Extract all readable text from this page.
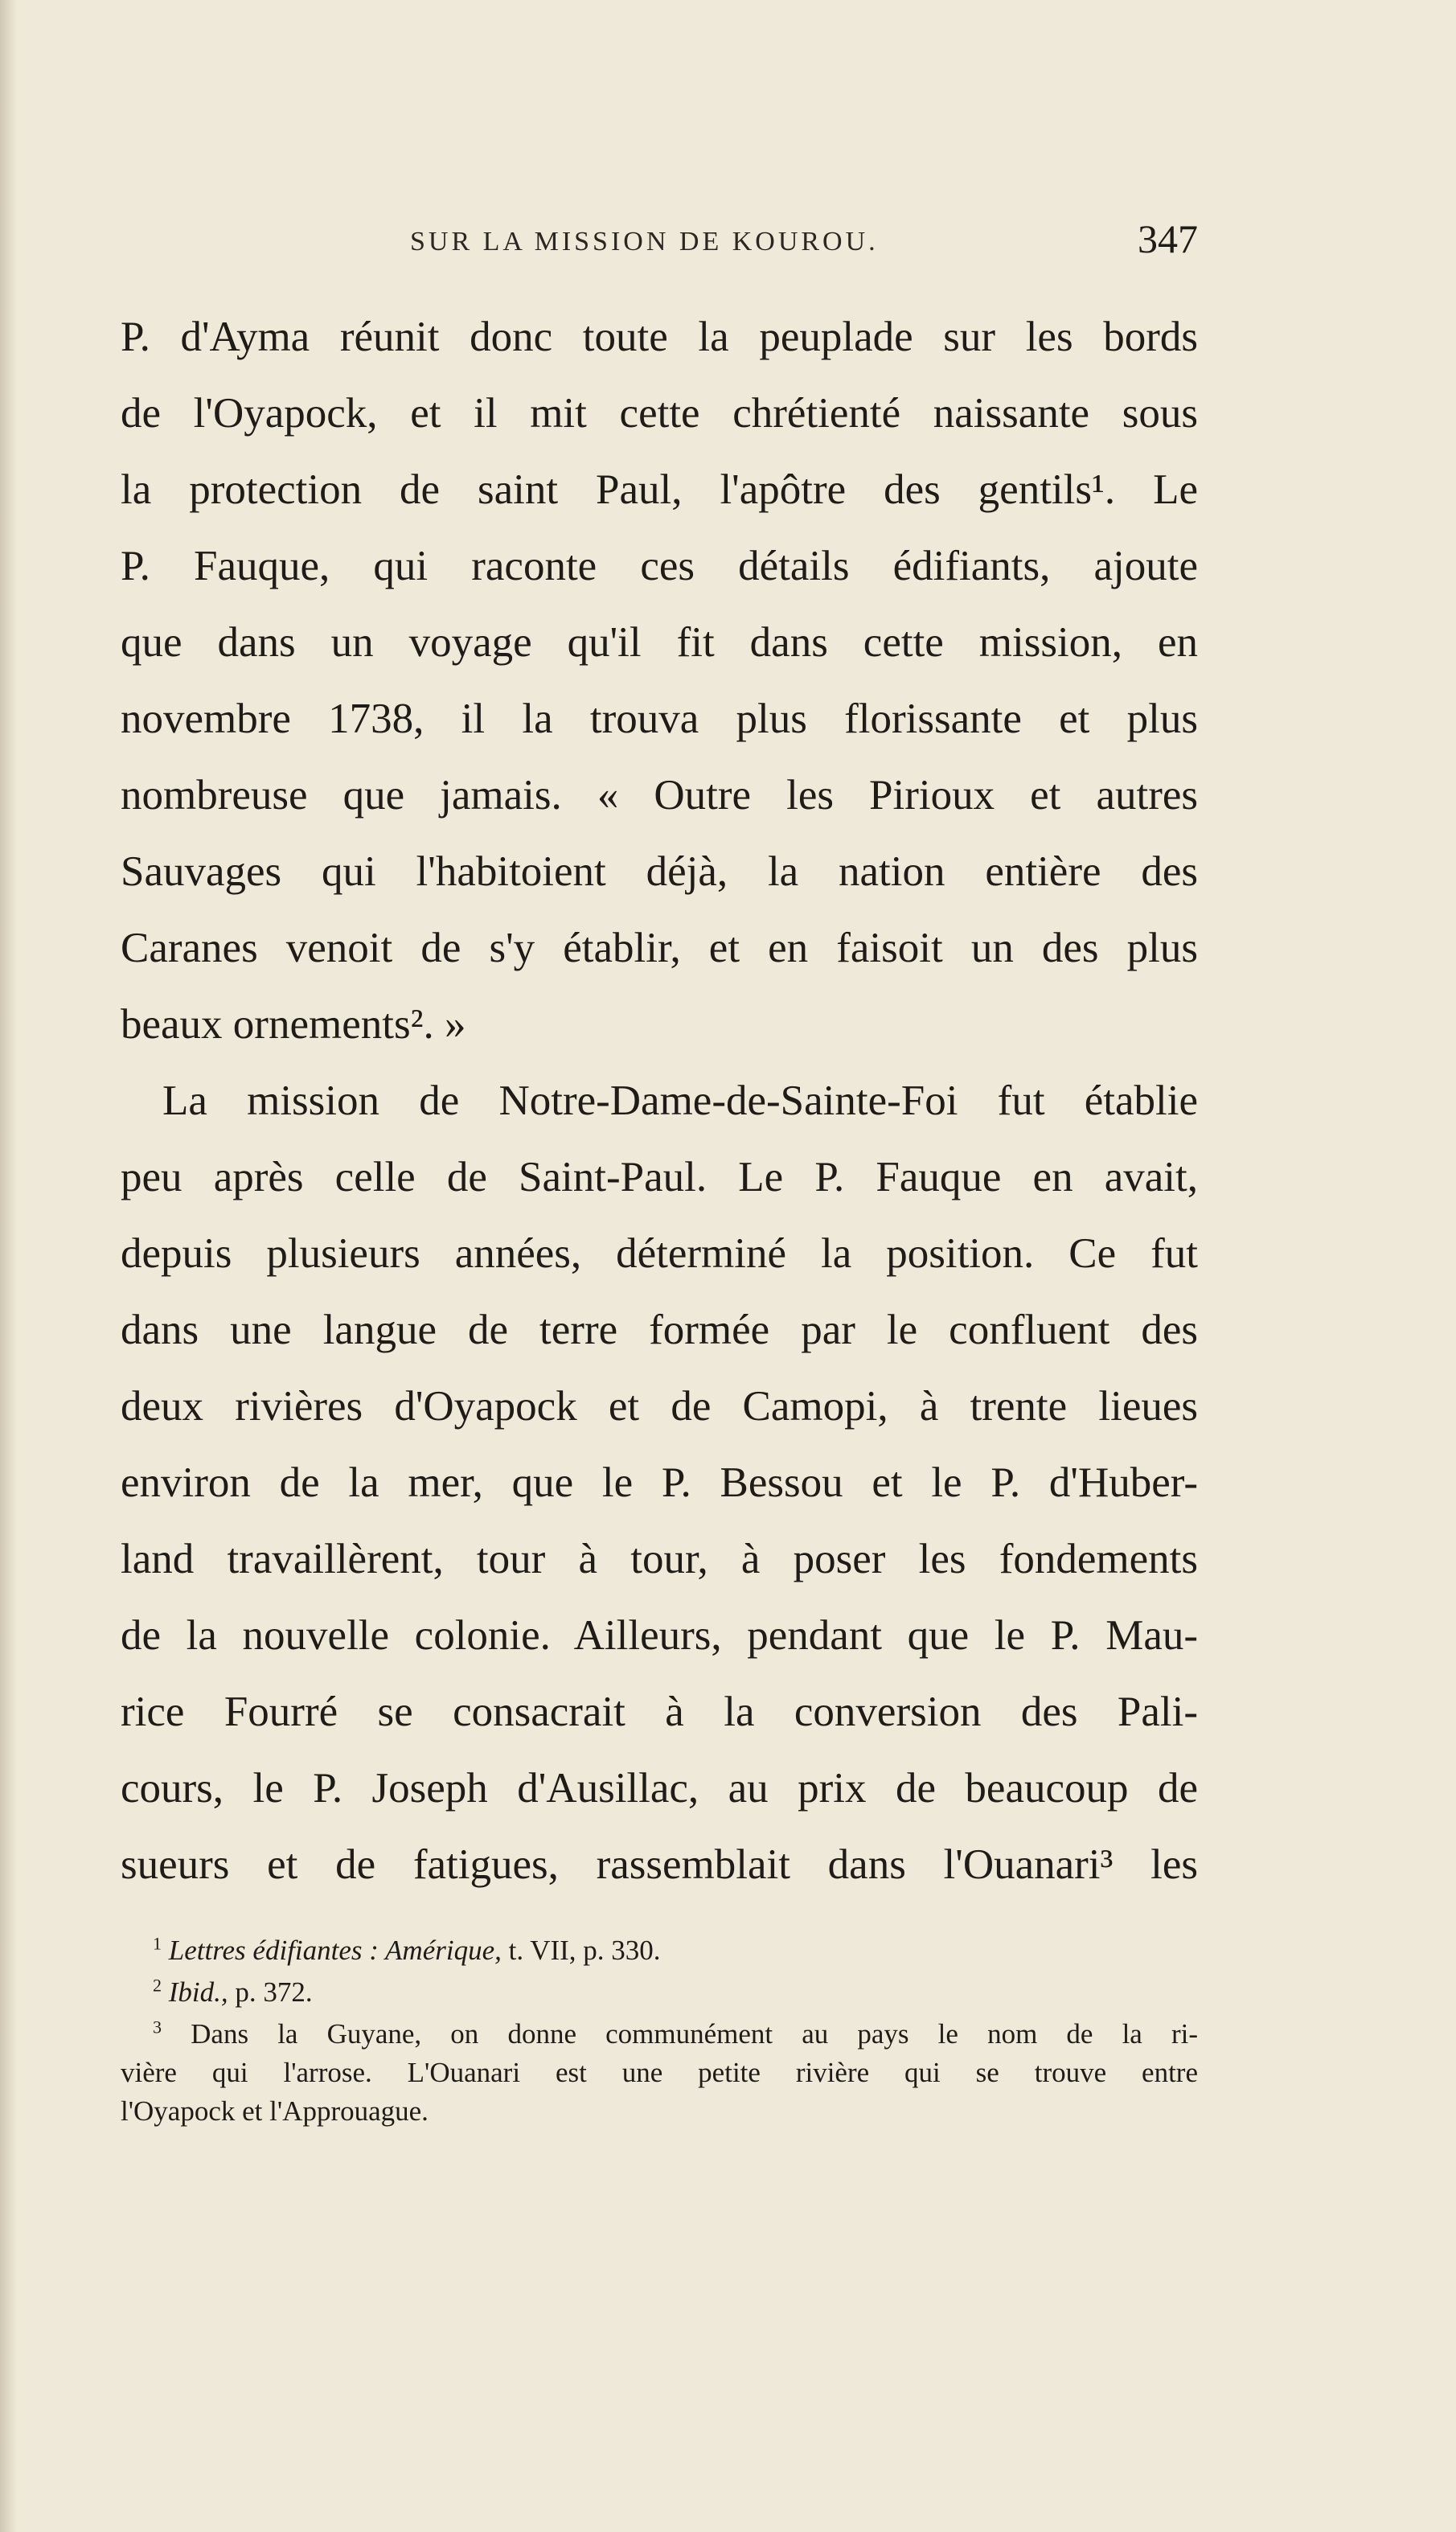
SUR LA MISSION DE KOUROU.	347

P. d'Ayma réunit donc toute la peuplade sur les bords
de l'Oyapock, et il mit cette chrétienté naissante sous
la protection de saint Paul, l'apôtre des gentils¹. Le
P. Fauque, qui raconte ces détails édifiants, ajoute
que dans un voyage qu'il fit dans cette mission, en
novembre 1738, il la trouva plus florissante et plus
nombreuse que jamais. « Outre les Pirioux et autres
Sauvages qui l'habitoient déjà, la nation entière des
Caranes venoit de s'y établir, et en faisoit un des plus
beaux ornements². »

La mission de Notre-Dame-de-Sainte-Foi fut établie
peu après celle de Saint-Paul. Le P. Fauque en avait,
depuis plusieurs années, déterminé la position. Ce fut
dans une langue de terre formée par le confluent des
deux rivières d'Oyapock et de Camopi, à trente lieues
environ de la mer, que le P. Bessou et le P. d'Huber-
land travaillèrent, tour à tour, à poser les fondements
de la nouvelle colonie. Ailleurs, pendant que le P. Mau-
rice Fourré se consacrait à la conversion des Pali-
cours, le P. Joseph d'Ausillac, au prix de beaucoup de
sueurs et de fatigues, rassemblait dans l'Ouanari³ les

$^1$ Lettres édifiantes : Amérique, t. VII, p. 330.

$^2$ Ibid., p. 372.

$^3$ Dans la Guyane, on donne communément au pays le nom de la ri-
vière qui l'arrose. L'Ouanari est une petite rivière qui se trouve entre
l'Oyapock et l'Approuague.
